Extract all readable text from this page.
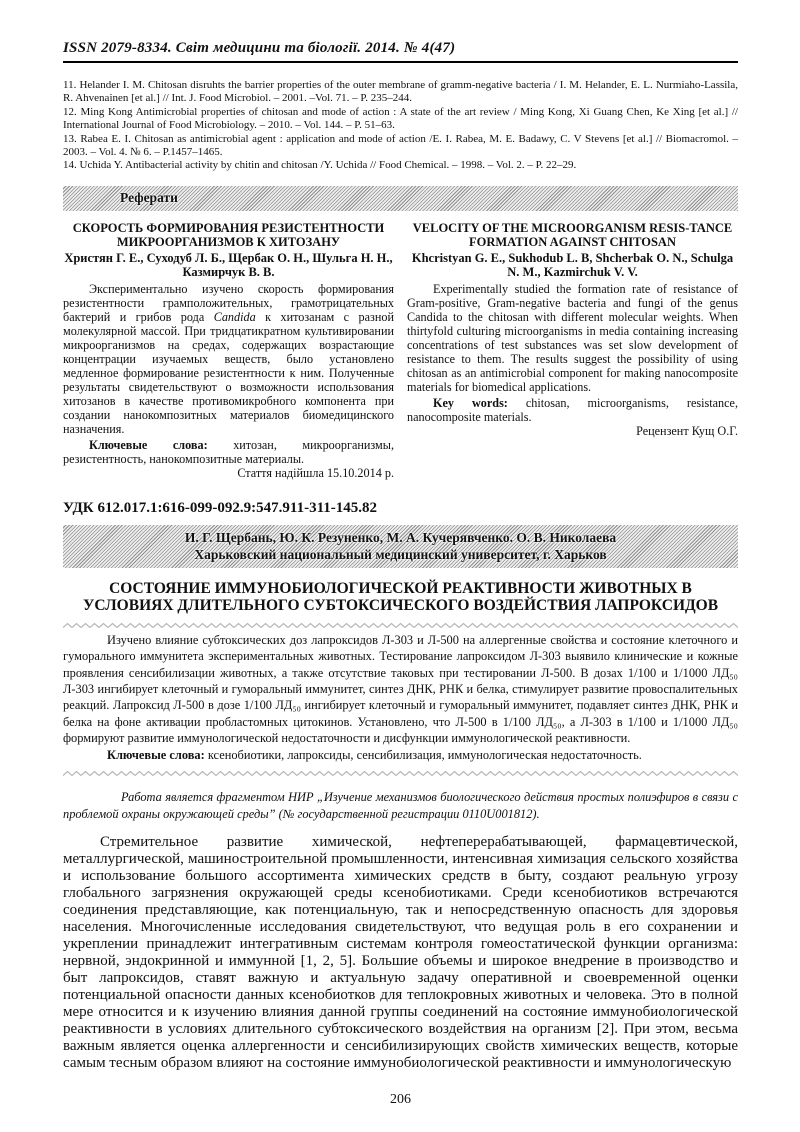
ISSN 2079-8334. Світ медицини та біології. 2014. № 4(47)

11. Helander I. M. Chitosan disruhts the barrier properties of the outer membrane of gramm-negative bacteria / I. M. Helander, E. L. Nurmiaho-Lassila, R. Ahvenainen [et al.] // Int. J. Food Microbiol. – 2001. –Vol. 71. – P. 235–244.

12. Ming Kong Antimicrobial properties of chitosan and mode of action : A state of the art review / Ming Kong, Xi Guang Chen, Ke Xing [et al.] // International Journal of Food Microbiology. – 2010. – Vol. 144. – P. 51–63.

13. Rabea E. I. Chitosan as antimicrobial agent : application and mode of action /E. I. Rabea, M. E. Badawy, C. V Stevens [et al.] // Biomacromol. – 2003. – Vol. 4. № 6. – P.1457–1465.

14. Uchida Y. Antibacterial activity by chitin and chitosan /Y. Uchida // Food Chemical. – 1998. – Vol. 2. – P. 22–29.

Реферати
СКОРОСТЬ ФОРМИРОВАНИЯ РЕЗИСТЕНТНОСТИ МИКРООРГАНИЗМОВ К ХИТОЗАНУ
Христян Г. Е., Суходуб Л. Б., Щербак О. Н., Шульга Н. Н., Казмирчук В. В.

Экспериментально изучено скорость формирования резистентности грамположительных, грамотрицательных бактерий и грибов рода Candida к хитозанам с разной молекулярной массой. При тридцатикратном культивировании микроорганизмов на средах, содержащих возрастающие концентрации изучаемых веществ, было установлено медленное формирование резистентности к ним. Полученные результаты свидетельствуют о возможности использования хитозанов в качестве противомикробного компонента при создании нанокомпозитных материалов биомедицинского назначения.

Ключевые слова: хитозан, микроорганизмы, резистентность, нанокомпозитные материалы.

Стаття надійшла 15.10.2014 р.
VELOCITY OF THE MICROORGANISM RESIS-TANCE FORMATION AGAINST CHITOSAN
Khcristyan G. E., Sukhodub L. B, Shcherbak O. N., Schulga N. M., Kazmirchuk V. V.

Experimentally studied the formation rate of resistance of Gram-positive, Gram-negative bacteria and fungi of the genus Candida to the chitosan with different molecular weights. When thirtyfold culturing microorganisms in media containing increasing concentrations of test substances was set slow development of resistance to them. The results suggest the possibility of using chitosan as an antimicrobial component for making nanocomposite materials for biomedical applications.

Key words: chitosan, microorganisms, resistance, nanocomposite materials.

Рецензент Кущ О.Г.
УДК 612.017.1:616-099-092.9:547.911-311-145.82
И. Г. Щербань, Ю. К. Резуненко, М. А. Кучерявченко. О. В. Николаева
Харьковский национальный медицинский университет, г. Харьков
СОСТОЯНИЕ ИММУНОБИОЛОГИЧЕСКОЙ РЕАКТИВНОСТИ ЖИВОТНЫХ В УСЛОВИЯХ ДЛИТЕЛЬНОГО СУБТОКСИЧЕСКОГО ВОЗДЕЙСТВИЯ ЛАПРОКСИДОВ

Изучено влияние субтоксических доз лапроксидов Л-303 и Л-500 на аллергенные свойства и состояние клеточного и гуморального иммунитета экспериментальных животных. Тестирование лапроксидом Л-303 выявило клинические и кожные проявления сенсибилизации животных, а также отсутствие таковых при тестировании Л-500. В дозах 1/100 и 1/1000 ЛД₅₀ Л-303 ингибирует клеточный и гуморальный иммунитет, синтез ДНК, РНК и белка, стимулирует развитие провоспалительных реакций. Лапроксид Л-500 в дозе 1/100 ЛД₅₀ ингибирует клеточный и гуморальный иммунитет, подавляет синтез ДНК, РНК и белка на фоне активации пробластомных цитокинов. Установлено, что Л-500 в 1/100 ЛД₅₀, а Л-303 в 1/100 и 1/1000 ЛД₅₀ формируют развитие иммунологической недостаточности и дисфункции иммунологической реактивности.

Ключевые слова: ксенобиотики, лапроксиды, сенсибилизация, иммунологическая недостаточность.

Работа является фрагментом НИР „Изучение механизмов биологического действия простых полиэфиров в связи с проблемой охраны окружающей среды” (№ государственной регистрации 0110U001812).

Стремительное развитие химической, нефтеперерабатывающей, фармацевтической, металлургической, машиностроительной промышленности, интенсивная химизация сельского хозяйства и использование большого ассортимента химических средств в быту, создают реальную угрозу глобального загрязнения окружающей среды ксенобиотиками. Среди ксенобиотиков встречаются соединения представляющие, как потенциальную, так и непосредственную опасность для здоровья населения. Многочисленные исследования свидетельствуют, что ведущая роль в его сохранении и укреплении принадлежит интегративным системам контроля гомеостатической функции организма: нервной, эндокринной и иммунной [1, 2, 5]. Большие объемы и широкое внедрение в производство и быт лапроксидов, ставят важную и актуальную задачу оперативной и своевременной оценки потенциальной опасности данных ксенобиотков для теплокровных животных и человека. Это в полной мере относится и к изучению влияния данной группы соединений на состояние иммунобиологической реактивности в условиях длительного субтоксического воздействия на организм [2]. При этом, весьма важным является оценка аллергенности и сенсибилизирующих свойств химических веществ, которые самым тесным образом влияют на состояние иммунобиологической реактивности и иммунологическую

206
